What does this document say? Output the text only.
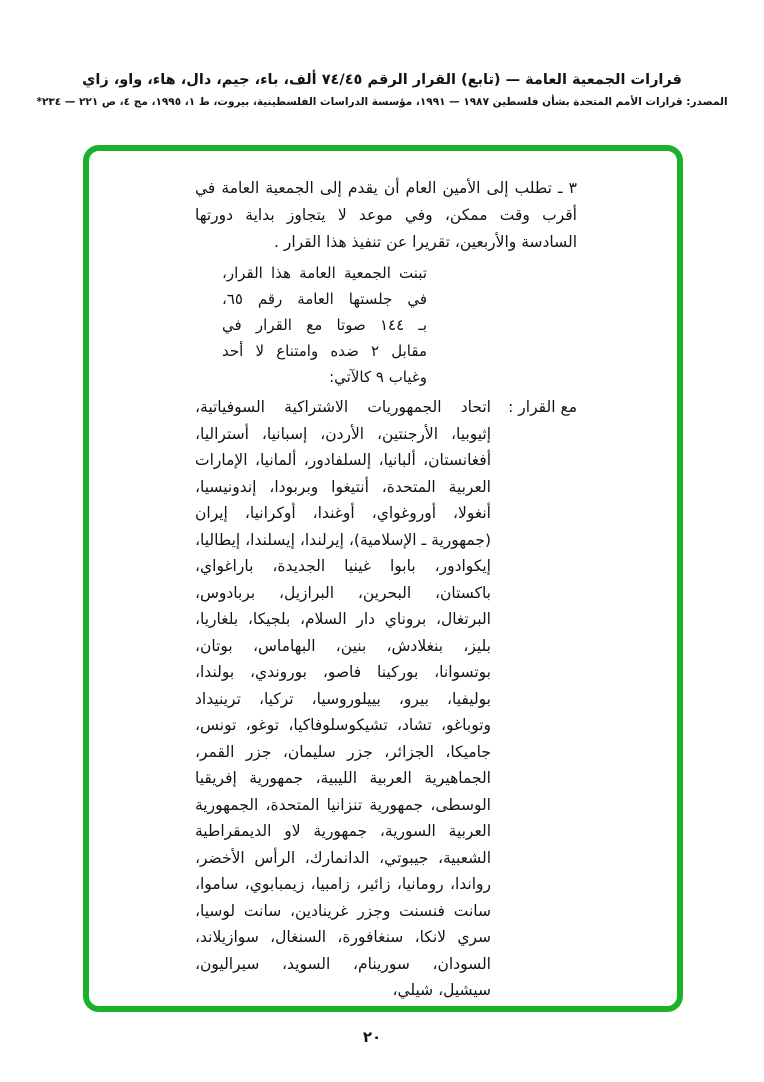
قرارات الجمعية العامة — (تابع) القرار الرقم ٧٤/٤٥ ألف، باء، جيم، دال، هاء، واو، زاي
المصدر: قرارات الأمم المتحدة بشأن فلسطين ١٩٨٧ — ١٩٩١، مؤسسة الدراسات الفلسطينية، بيروت، ط ١، ١٩٩٥، مج ٤، ص ٢٢١ — ٢٣٤*

٣ ـ تطلب إلى الأمين العام أن يقدم إلى الجمعية العامة في أقرب وقت ممكن، وفي موعد لا يتجاوز بداية دورتها السادسة والأربعين، تقريرا عن تنفيذ هذا القرار .

تبنت الجمعية العامة هذا القرار،
في جلستها العامة رقم ٦٥،
بـ ١٤٤ صوتا مع القرار في
مقابل ٢ ضده وامتناع لا أحد
وغياب ٩ كالآتي:
مع القرار :
اتحاد الجمهوريات الاشتراكية السوفياتية، إثيوبيا، الأرجنتين، الأردن، إسبانيا، أستراليا، أفغانستان، ألبانيا، إلسلفادور، ألمانيا، الإمارات العربية المتحدة، أنتيغوا وبربودا، إندونيسيا، أنغولا، أوروغواي، أوغندا، أوكرانيا، إيران (جمهورية ـ الإسلامية)، إيرلندا، إيسلندا، إيطاليا، إيكوادور، بابوا غينيا الجديدة، باراغواي، باكستان، البحرين، البرازيل، بربادوس، البرتغال، بروناي دار السلام، بلجيكا، بلغاريا، بليز، بنغلادش، بنين، البهاماس، بوتان، بوتسوانا، بوركينا فاصو، بوروندي، بولندا، بوليفيا، بيرو، بييلوروسيا، تركيا، ترينيداد وتوباغو، تشاد، تشيكوسلوفاكيا، توغو، تونس، جاميكا، الجزائر، جزر سليمان، جزر القمر، الجماهيرية العربية الليبية، جمهورية إفريقيا الوسطى، جمهورية تنزانيا المتحدة، الجمهورية العربية السورية، جمهورية لاو الديمقراطية الشعبية، جيبوتي، الدانمارك، الرأس الأخضر، رواندا، رومانيا، زائير، زامبيا، زيمبابوي، ساموا، سانت فنسنت وجزر غرينادين، سانت لوسيا، سري لانكا، سنغافورة، السنغال، سوازيلاند، السودان، سورينام، السويد، سيراليون، سيشيل، شيلي،
٢٠
